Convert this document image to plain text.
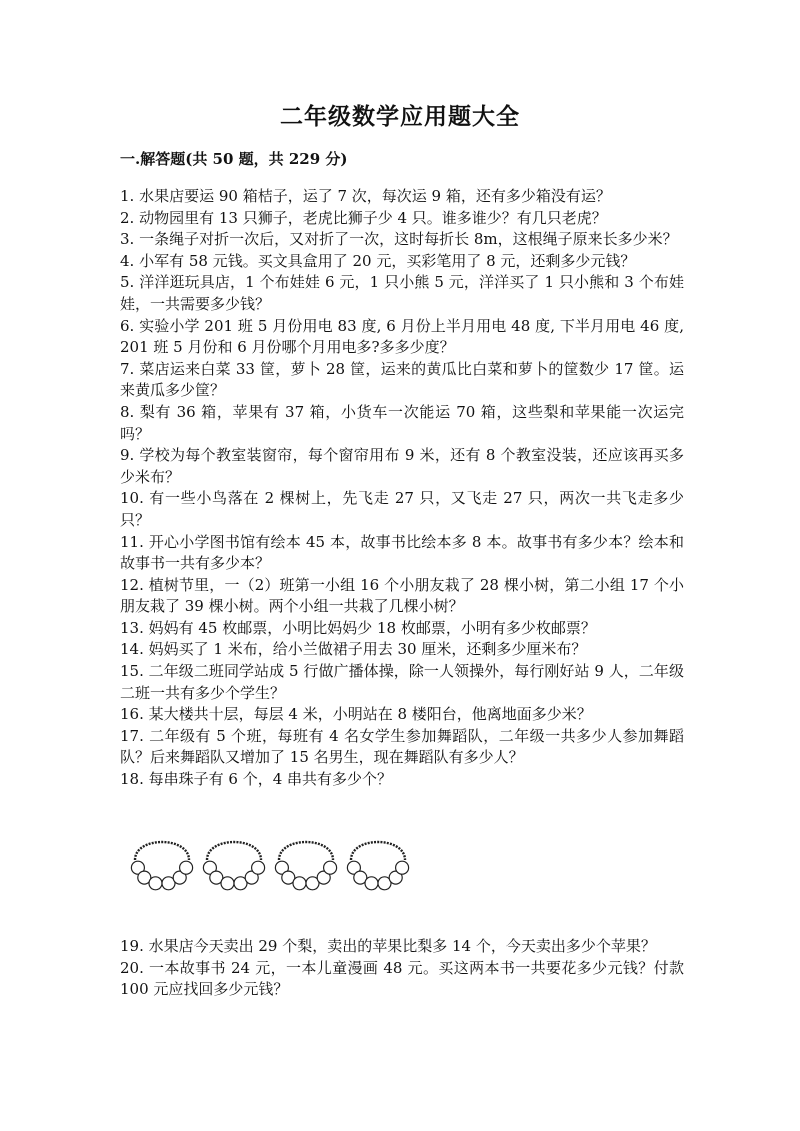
二年级数学应用题大全

一.解答题(共 50 题，共 229 分)

1. 水果店要运 90 箱桔子，运了 7 次，每次运 9 箱，还有多少箱没有运？

2. 动物园里有 13 只狮子，老虎比狮子少 4 只。谁多谁少？有几只老虎？

3. 一条绳子对折一次后，又对折了一次，这时每折长 8m，这根绳子原来长多少米？

4. 小军有 58 元钱。买文具盒用了 20 元，买彩笔用了 8 元，还剩多少元钱？

5. 洋洋逛玩具店，1 个布娃娃 6 元，1 只小熊 5 元，洋洋买了 1 只小熊和 3 个布娃娃，一共需要多少钱？

6. 实验小学 201 班 5 月份用电 83 度, 6 月份上半月用电 48 度, 下半月用电 46 度, 201 班 5 月份和 6 月份哪个月用电多?多多少度？

7. 菜店运来白菜 33 筐，萝卜 28 筐，运来的黄瓜比白菜和萝卜的筐数少 17 筐。运来黄瓜多少筐？

8. 梨有 36 箱，苹果有 37 箱，小货车一次能运 70 箱，这些梨和苹果能一次运完吗？

9. 学校为每个教室装窗帘，每个窗帘用布 9 米，还有 8 个教室没装，还应该再买多少米布？

10. 有一些小鸟落在 2 棵树上，先飞走 27 只，又飞走 27 只，两次一共飞走多少只？

11. 开心小学图书馆有绘本 45 本，故事书比绘本多 8 本。故事书有多少本？绘本和故事书一共有多少本？

12. 植树节里，一（2）班第一小组 16 个小朋友栽了 28 棵小树，第二小组 17 个小朋友栽了 39 棵小树。两个小组一共栽了几棵小树？

13. 妈妈有 45 枚邮票，小明比妈妈少 18 枚邮票，小明有多少枚邮票？

14. 妈妈买了 1 米布，给小兰做裙子用去 30 厘米，还剩多少厘米布？

15. 二年级二班同学站成 5 行做广播体操，除一人领操外，每行刚好站 9 人，二年级二班一共有多少个学生？

16. 某大楼共十层，每层 4 米，小明站在 8 楼阳台，他离地面多少米？

17. 二年级有 5 个班，每班有 4 名女学生参加舞蹈队，二年级一共多少人参加舞蹈队？后来舞蹈队又增加了 15 名男生，现在舞蹈队有多少人？

18. 每串珠子有 6 个，4 串共有多少个？

19. 水果店今天卖出 29 个梨，卖出的苹果比梨多 14 个，今天卖出多少个苹果？

20. 一本故事书 24 元，一本儿童漫画 48 元。买这两本书一共要花多少元钱？付款 100 元应找回多少元钱？
